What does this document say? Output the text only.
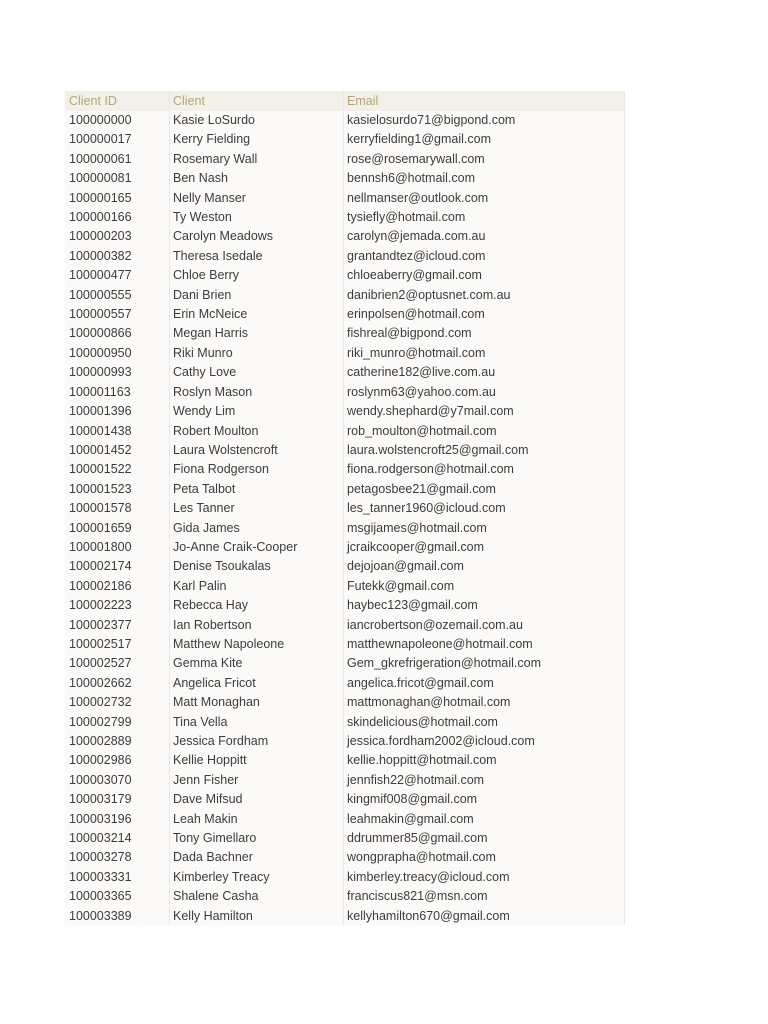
Client ID	Client	Email
100000000	Kasie LoSurdo	kasielosurdo71@bigpond.com
100000017	Kerry Fielding	kerryfielding1@gmail.com
100000061	Rosemary Wall	rose@rosemarywall.com
100000081	Ben Nash	bennsh6@hotmail.com
100000165	Nelly Manser	nellmanser@outlook.com
100000166	Ty Weston	tysiefly@hotmail.com
100000203	Carolyn Meadows	carolyn@jemada.com.au
100000382	Theresa Isedale	grantandtez@icloud.com
100000477	Chloe Berry	chloeaberry@gmail.com
100000555	Dani Brien	danibrien2@optusnet.com.au
100000557	Erin McNeice	erinpolsen@hotmail.com
100000866	Megan Harris	fishreal@bigpond.com
100000950	Riki Munro	riki_munro@hotmail.com
100000993	Cathy Love	catherine182@live.com.au
100001163	Roslyn Mason	roslynm63@yahoo.com.au
100001396	Wendy Lim	wendy.shephard@y7mail.com
100001438	Robert Moulton	rob_moulton@hotmail.com
100001452	Laura Wolstencroft	laura.wolstencroft25@gmail.com
100001522	Fiona Rodgerson	fiona.rodgerson@hotmail.com
100001523	Peta Talbot	petagosbee21@gmail.com
100001578	Les Tanner	les_tanner1960@icloud.com
100001659	Gida James	msgijames@hotmail.com
100001800	Jo-Anne Craik-Cooper	jcraikcooper@gmail.com
100002174	Denise Tsoukalas	dejojoan@gmail.com
100002186	Karl Palin	Futekk@gmail.com
100002223	Rebecca Hay	haybec123@gmail.com
100002377	Ian Robertson	iancrobertson@ozemail.com.au
100002517	Matthew Napoleone	matthewnapoleone@hotmail.com
100002527	Gemma Kite	Gem_gkrefrigeration@hotmail.com
100002662	Angelica Fricot	angelica.fricot@gmail.com
100002732	Matt Monaghan	mattmonaghan@hotmail.com
100002799	Tina Vella	skindelicious@hotmail.com
100002889	Jessica Fordham	jessica.fordham2002@icloud.com
100002986	Kellie Hoppitt	kellie.hoppitt@hotmail.com
100003070	Jenn Fisher	jennfish22@hotmail.com
100003179	Dave Mifsud	kingmif008@gmail.com
100003196	Leah Makin	leahmakin@gmail.com
100003214	Tony Gimellaro	ddrummer85@gmail.com
100003278	Dada Bachner	wongprapha@hotmail.com
100003331	Kimberley Treacy	kimberley.treacy@icloud.com
100003365	Shalene Casha	franciscus821@msn.com
100003389	Kelly Hamilton	kellyhamilton670@gmail.com
